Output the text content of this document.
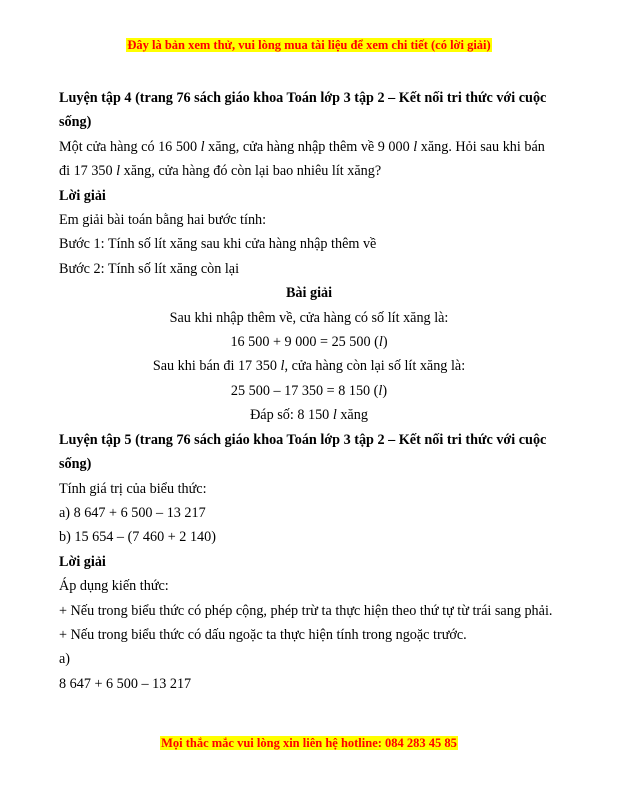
Đây là bản xem thử, vui lòng mua tài liệu để xem chi tiết (có lời giải)

Luyện tập 4 (trang 76 sách giáo khoa Toán lớp 3 tập 2 – Kết nối tri thức với cuộc sống)

Một cửa hàng có 16 500 l xăng, cửa hàng nhập thêm về 9 000 l xăng. Hỏi sau khi bán đi 17 350 l xăng, cửa hàng đó còn lại bao nhiêu lít xăng?

Lời giải

Em giải bài toán bằng hai bước tính:

Bước 1: Tính số lít xăng sau khi cửa hàng nhập thêm về

Bước 2: Tính số lít xăng còn lại

Bài giải

Sau khi nhập thêm về, cửa hàng có số lít xăng là:

16 500 + 9 000 = 25 500 (l)

Sau khi bán đi 17 350 l, cửa hàng còn lại số lít xăng là:

25 500 – 17 350 = 8 150 (l)

Đáp số: 8 150 l xăng

Luyện tập 5 (trang 76 sách giáo khoa Toán lớp 3 tập 2 – Kết nối tri thức với cuộc sống)

Tính giá trị của biểu thức:

a) 8 647 + 6 500 – 13 217

b) 15 654 – (7 460 + 2 140)

Lời giải

Áp dụng kiến thức:

+ Nếu trong biểu thức có phép cộng, phép trừ ta thực hiện theo thứ tự từ trái sang phải.

+ Nếu trong biểu thức có dấu ngoặc ta thực hiện tính trong ngoặc trước.

a)

8 647 + 6 500 – 13 217

Mọi thắc mắc vui lòng xin liên hệ hotline: 084 283 45 85
